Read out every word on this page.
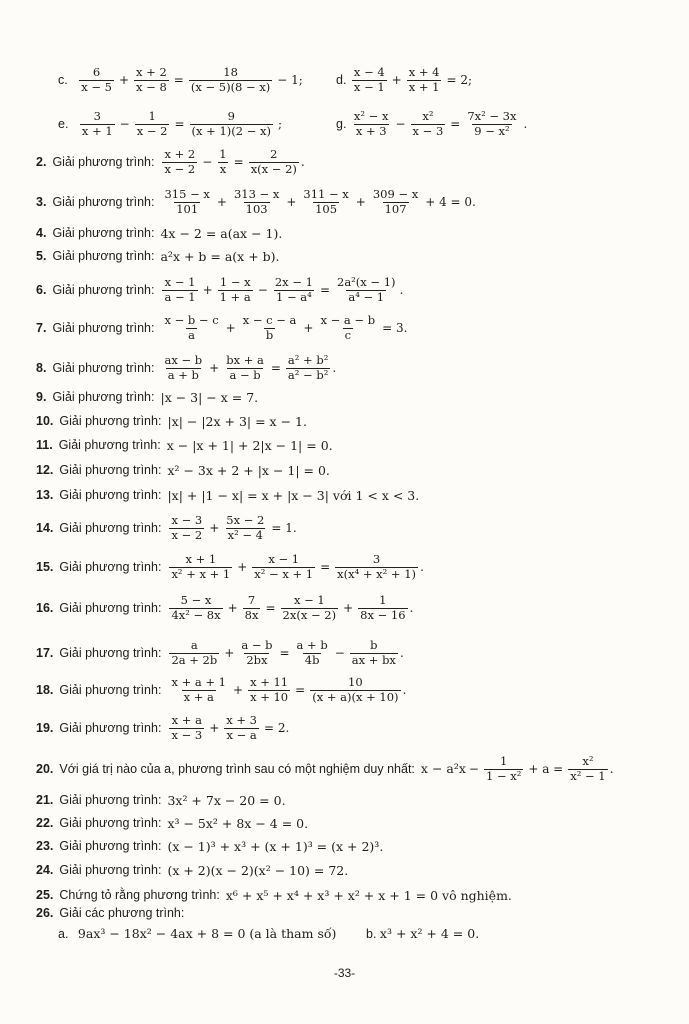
c. $\frac{6}{x - 5} + \frac{x + 2}{x - 8} = \frac{18}{(x - 5)(8 - x)} - 1$;	d. $\frac{x - 4}{x - 1} + \frac{x + 4}{x + 1} = 2$;
e. $\frac{3}{x + 1} - \frac{1}{x - 2} = \frac{9}{(x + 1)(2 - x)}$ ;	g. $\frac{\text{x² − x}}{x + 3} - \frac{\text{x²}}{x - 3} = \frac{\text{7x² − 3x}}{\text{9 − x²}}$ .
2. Giải phương trình: $\frac{x + 2}{x - 2} - \frac{1}{x} = \frac{2}{x(x - 2)}$ .
3. Giải phương trình: $\frac{315 - x}{101} + \frac{313 - x}{103} + \frac{311 - x}{105} + \frac{309 - x}{107} + 4 = 0$.
4. Giải phương trình: 4x − 2 = a(ax − 1).
5. Giải phương trình: a²x + b = a(x + b).
6. Giải phương trình: $\frac{x - 1}{a - 1} + \frac{1 - x}{1 + a} - \frac{2x - 1}{\text{1 − a⁴}} = \frac{\text{2a²(x − 1)}}{\text{a⁴ − 1}}$ .
7. Giải phương trình: $\frac{x - b - c}{a} + \frac{x - c - a}{b} + \frac{x - a - b}{c} = 3$.
8. Giải phương trình: $\frac{ax - b}{a + b} + \frac{bx + a}{a - b} = \frac{\text{a² + b²}}{\text{a² − b²}}$ .
9. Giải phương trình: |x − 3| − x = 7.
10. Giải phương trình: |x| − |2x + 3| = x − 1.
11. Giải phương trình: x − |x + 1| + 2|x − 1| = 0.
12. Giải phương trình: x² − 3x + 2 + |x − 1| = 0.
13. Giải phương trình: |x| + |1 − x| = x + |x − 3| với 1 < x < 3.
14. Giải phương trình: $\frac{x - 3}{x - 2} + \frac{5x - 2}{\text{x² − 4}} = 1$.
15. Giải phương trình: $\frac{x + 1}{\text{x² + x + 1}} + \frac{x - 1}{\text{x² − x + 1}} = \frac{3}{\text{x(x⁴ + x² + 1)}}$ .
16. Giải phương trình: $\frac{5 - x}{\text{4x² − 8x}} + \frac{7}{8x} = \frac{x - 1}{2x(x - 2)} + \frac{1}{8x - 16}$ .
17. Giải phương trình: $\frac{a}{2a + 2b} + \frac{a - b}{2bx} = \frac{a + b}{4b} - \frac{b}{ax + bx}$ .
18. Giải phương trình: $\frac{x + a + 1}{x + a} + \frac{x + 11}{x + 10} = \frac{10}{(x + a)(x + 10)}$ .
19. Giải phương trình: $\frac{x + a}{x - 3} + \frac{x + 3}{x - a} = 2$.
20. Với giá trị nào của a, phương trình sau có một nghiệm duy nhất: $x - a^2x - \frac{1}{\text{1 − x²}} + a = \frac{\text{x²}}{\text{x² − 1}}$ .
21. Giải phương trình: 3x² + 7x − 20 = 0.
22. Giải phương trình: x³ − 5x² + 8x − 4 = 0.
23. Giải phương trình: (x − 1)³ + x³ + (x + 1)³ = (x + 2)³.
24. Giải phương trình: (x + 2)(x − 2)(x² − 10) = 72.
25. Chứng tỏ rằng phương trình: x⁶ + x⁵ + x⁴ + x³ + x² + x + 1 = 0 vô nghiệm.
26. Giải các phương trình:
a. 9ax³ − 18x² − 4ax + 8 = 0 (a là tham số) b. x³ + x² + 4 = 0.
-33-
